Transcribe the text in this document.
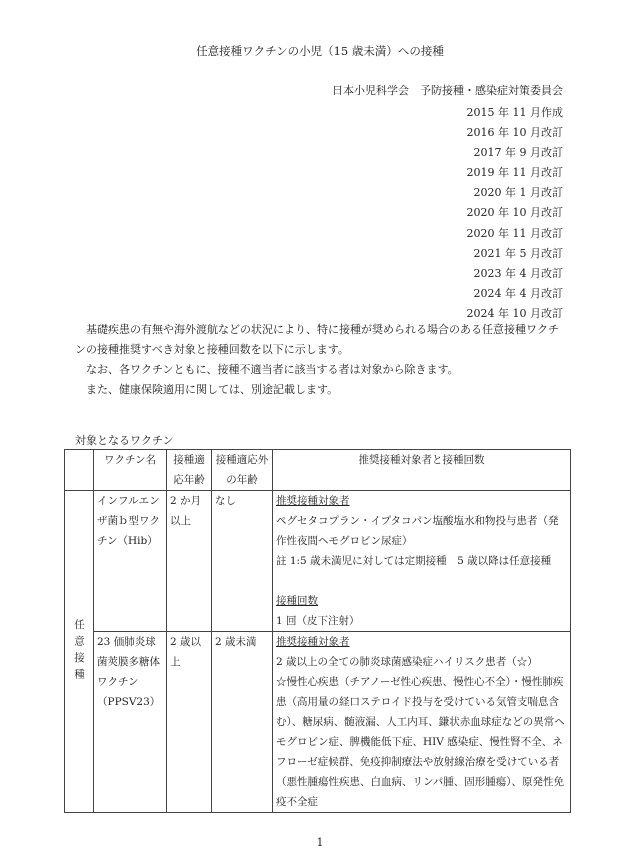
任意接種ワクチンの小児（15 歳未満）への接種
日本小児科学会　予防接種・感染症対策委員会
2015 年 11 月作成
2016 年 10 月改訂
2017 年 9 月改訂
2019 年 11 月改訂
2020 年 1 月改訂
2020 年 10 月改訂
2020 年 11 月改訂
2021 年 5 月改訂
2023 年 4 月改訂
2024 年 4 月改訂
2024 年 10 月改訂

基礎疾患の有無や海外渡航などの状況により、特に接種が奨められる場合のある任意接種ワクチンの接種推奨すべき対象と接種回数を以下に示します。

なお、各ワクチンともに、接種不適当者に該当する者は対象から除きます。

また、健康保険適用に関しては、別途記載します。

対象となるワクチン
	ワクチン名	接種適応年齢	接種適応外の年齢	推奨接種対象者と接種回数
任意接種	インフルエンザ菌ｂ型ワクチン（Hib）	2 か月以上	なし	推奨接種対象者
ペグセタコプラン・イプタコパン塩酸塩水和物投与患者（発作性夜間ヘモグロビン尿症）
註 1:5 歳未満児に対しては定期接種　5 歳以降は任意接種
接種回数
1 回（皮下注射）

	23 価肺炎球菌莢膜多糖体ワクチン（PPSV23）	2 歳以上	2 歳未満	推奨接種対象者
2 歳以上の全ての肺炎球菌感染症ハイリスク患者（☆）
☆慢性心疾患（チアノーゼ性心疾患、慢性心不全）・慢性肺疾患（高用量の経口ステロイド投与を受けている気管支喘息含む）、糖尿病、髄液漏、人工内耳、鎌状赤血球症などの異常ヘモグロビン症、脾機能低下症、HIV 感染症、慢性腎不全、ネフローゼ症候群、免疫抑制療法や放射線治療を受けている者（悪性腫瘍性疾患、白血病、リンパ腫、固形腫瘍）、原発性免疫不全症
1
